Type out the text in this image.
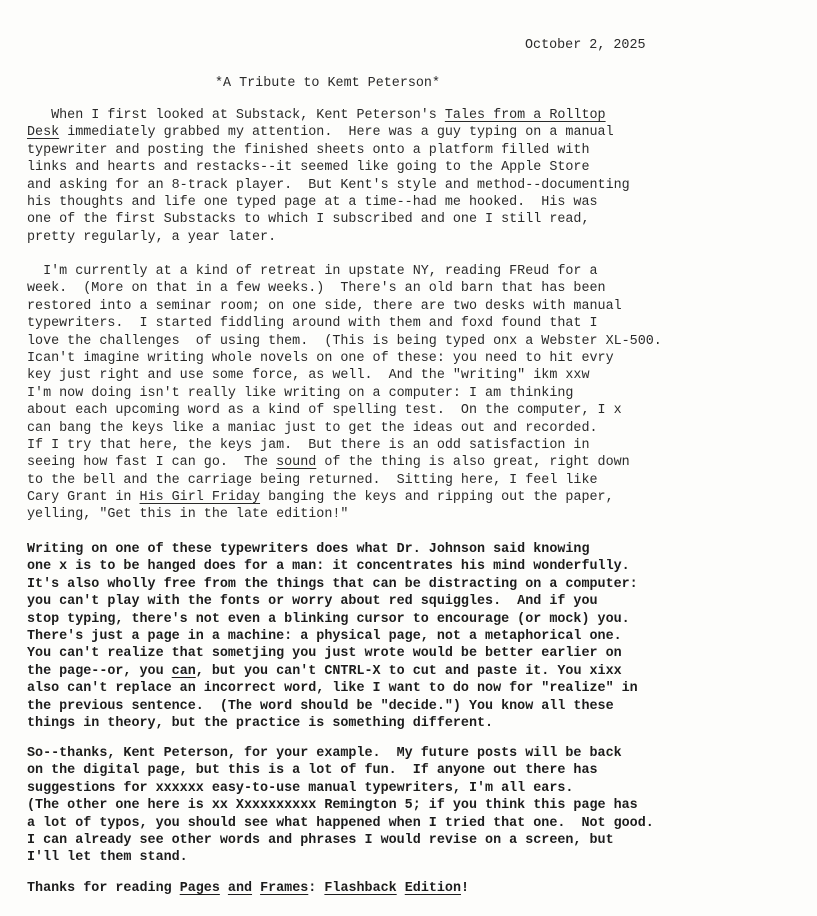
October 2, 2025
*A Tribute to Kemt Peterson*
When I first looked at Substack, Kent Peterson's Tales from a Rolltop
Desk immediately grabbed my attention.  Here was a guy typing on a manual
typewriter and posting the finished sheets onto a platform filled with
links and hearts and restacks--it seemed like going to the Apple Store
and asking for an 8-track player.  But Kent's style and method--documenting
his thoughts and life one typed page at a time--had me hooked.  His was
one of the first Substacks to which I subscribed and one I still read,
pretty regularly, a year later.
I'm currently at a kind of retreat in upstate NY, reading FReud for a
week.  (More on that in a few weeks.)  There's an old barn that has been
restored into a seminar room; on one side, there are two desks with manual
typewriters.  I started fiddling around with them and foxd found that I
love the challenges  of using them.  (This is being typed onx a Webster XL-500.
Ican't imagine writing whole novels on one of these: you need to hit evry
key just right and use some force, as well.  And the "writing" ikm xxw
I'm now doing isn't really like writing on a computer: I am thinking
about each upcoming word as a kind of spelling test.  On the computer, I x
can bang the keys like a maniac just to get the ideas out and recorded.
If I try that here, the keys jam.  But there is an odd satisfaction in
seeing how fast I can go.  The sound of the thing is also great, right down
to the bell and the carriage being returned.  Sitting here, I feel like
Cary Grant in His Girl Friday banging the keys and ripping out the paper,
yelling, "Get this in the late edition!"
Writing on one of these typewriters does what Dr. Johnson said knowing
one x is to be hanged does for a man: it concentrates his mind wonderfully.
It's also wholly free from the things that can be distracting on a computer:
you can't play with the fonts or worry about red squiggles.  And if you
stop typing, there's not even a blinking cursor to encourage (or mock) you.
There's just a page in a machine: a physical page, not a metaphorical one.
You can't realize that sometjing you just wrote would be better earlier on
the page--or, you can, but you can't CNTRL-X to cut and paste it. You xixx
also can't replace an incorrect word, like I want to do now for "realize" in
the previous sentence.  (The word should be "decide.") You know all these
things in theory, but the practice is something different.
So--thanks, Kent Peterson, for your example.  My future posts will be back
on the digital page, but this is a lot of fun.  If anyone out there has
suggestions for xxxxxx easy-to-use manual typewriters, I'm all ears.
(The other one here is xx Xxxxxxxxxx Remington 5; if you think this page has
a lot of typos, you should see what happened when I tried that one.  Not good.
I can already see other words and phrases I would revise on a screen, but
I'll let them stand.
Thanks for reading Pages and Frames: Flashback Edition!
